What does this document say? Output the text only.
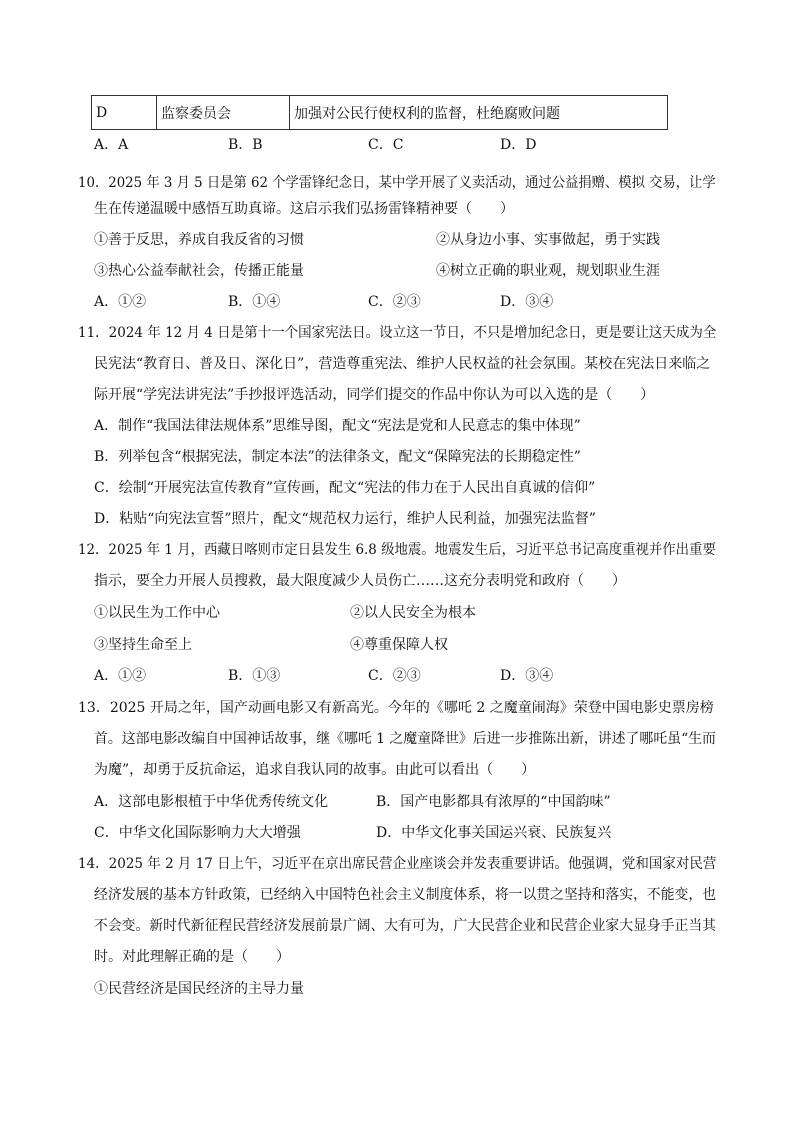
D	监察委员会	加强对公民行使权利的监督，杜绝腐败问题
A．A	B．B	C．C	D．D
10．2025 年 3 月 5 日是第 62 个学雷锋纪念日，某中学开展了义卖活动，通过公益捐赠、模拟 交易，让学
生在传递温暖中感悟互助真谛。这启示我们弘扬雷锋精神要（　　）
①善于反思，养成自我反省的习惯	②从身边小事、实事做起，勇于实践
③热心公益奉献社会，传播正能量	④树立正确的职业观，规划职业生涯
A．①②	B．①④	C．②③	D．③④
11．2024 年 12 月 4 日是第十一个国家宪法日。设立这一节日，不只是增加纪念日，更是要让这天成为全
民宪法“教育日、普及日、深化日”，营造尊重宪法、维护人民权益的社会氛围。某校在宪法日来临之
际开展“学宪法讲宪法”手抄报评选活动，同学们提交的作品中你认为可以入选的是（　　）
A．制作“我国法律法规体系”思维导图，配文“宪法是党和人民意志的集中体现”
B．列举包含“根据宪法，制定本法”的法律条文，配文“保障宪法的长期稳定性”
C．绘制“开展宪法宣传教育”宣传画，配文“宪法的伟力在于人民出自真诚的信仰”
D．粘贴“向宪法宣誓”照片，配文“规范权力运行，维护人民利益，加强宪法监督”
12．2025 年 1 月，西藏日喀则市定日县发生 6.8 级地震。地震发生后，习近平总书记高度重视并作出重要
指示，要全力开展人员搜救，最大限度减少人员伤亡……这充分表明党和政府（　　）
①以民生为工作中心	②以人民安全为根本
③坚持生命至上	④尊重保障人权
A．①②	B．①③	C．②③	D．③④
13．2025 开局之年，国产动画电影又有新高光。今年的《哪吒 2 之魔童闹海》荣登中国电影史票房榜
首。这部电影改编自中国神话故事，继《哪吒 1 之魔童降世》后进一步推陈出新，讲述了哪吒虽“生而
为魔”，却勇于反抗命运，追求自我认同的故事。由此可以看出（　　）
A．这部电影根植于中华优秀传统文化	B．国产电影都具有浓厚的“中国韵味”
C．中华文化国际影响力大大增强	D．中华文化事关国运兴衰、民族复兴
14．2025 年 2 月 17 日上午，习近平在京出席民营企业座谈会并发表重要讲话。他强调，党和国家对民营
经济发展的基本方针政策，已经纳入中国特色社会主义制度体系，将一以贯之坚持和落实，不能变，也
不会变。新时代新征程民营经济发展前景广阔、大有可为，广大民营企业和民营企业家大显身手正当其
时。对此理解正确的是（　　）
①民营经济是国民经济的主导力量
